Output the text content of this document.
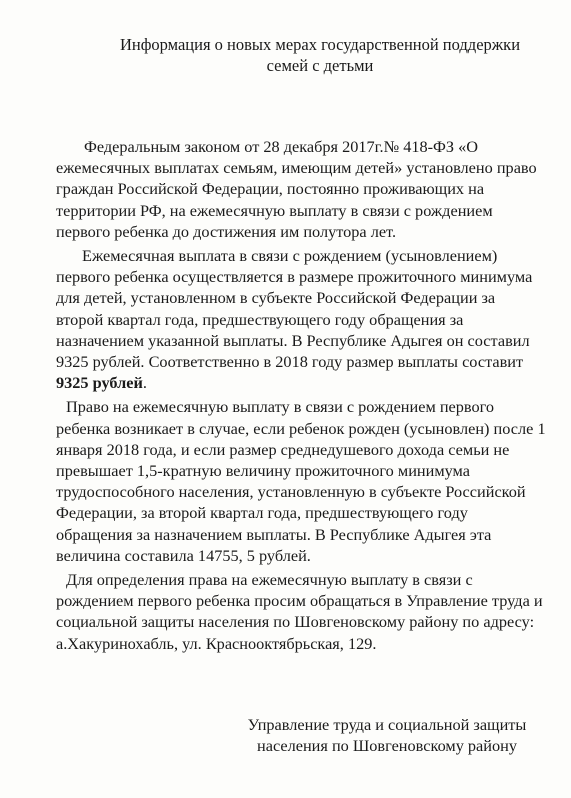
Информация о новых мерах государственной поддержки
семей с детьми

Федеральным законом от 28 декабря 2017г.№ 418-ФЗ «О ежемесячных выплатах семьям, имеющим детей» установлено право граждан Российской Федерации, постоянно проживающих на территории РФ, на ежемесячную выплату в связи с рождением первого ребенка до достижения им полутора лет.

Ежемесячная выплата в связи с рождением (усыновлением) первого ребенка осуществляется в размере прожиточного минимума для детей, установленном в субъекте Российской Федерации за второй квартал года, предшествующего году обращения за назначением указанной выплаты. В Республике Адыгея он составил 9325 рублей. Соответственно в 2018 году размер выплаты составит 9325 рублей.

Право на ежемесячную выплату в связи с рождением первого ребенка возникает в случае, если ребенок рожден (усыновлен) после 1 января 2018 года, и если размер среднедушевого дохода семьи не превышает 1,5-кратную величину прожиточного минимума трудоспособного населения, установленную в субъекте Российской Федерации, за второй квартал года, предшествующего году обращения за назначением выплаты. В Республике Адыгея эта величина составила 14755, 5 рублей.

Для определения права на ежемесячную выплату в связи с рождением первого ребенка просим обращаться в Управление труда и социальной защиты населения по Шовгеновскому району по адресу: а.Хакуринохабль, ул. Краснооктябрьская, 129.

Управление труда и социальной защиты
населения по Шовгеновскому району
